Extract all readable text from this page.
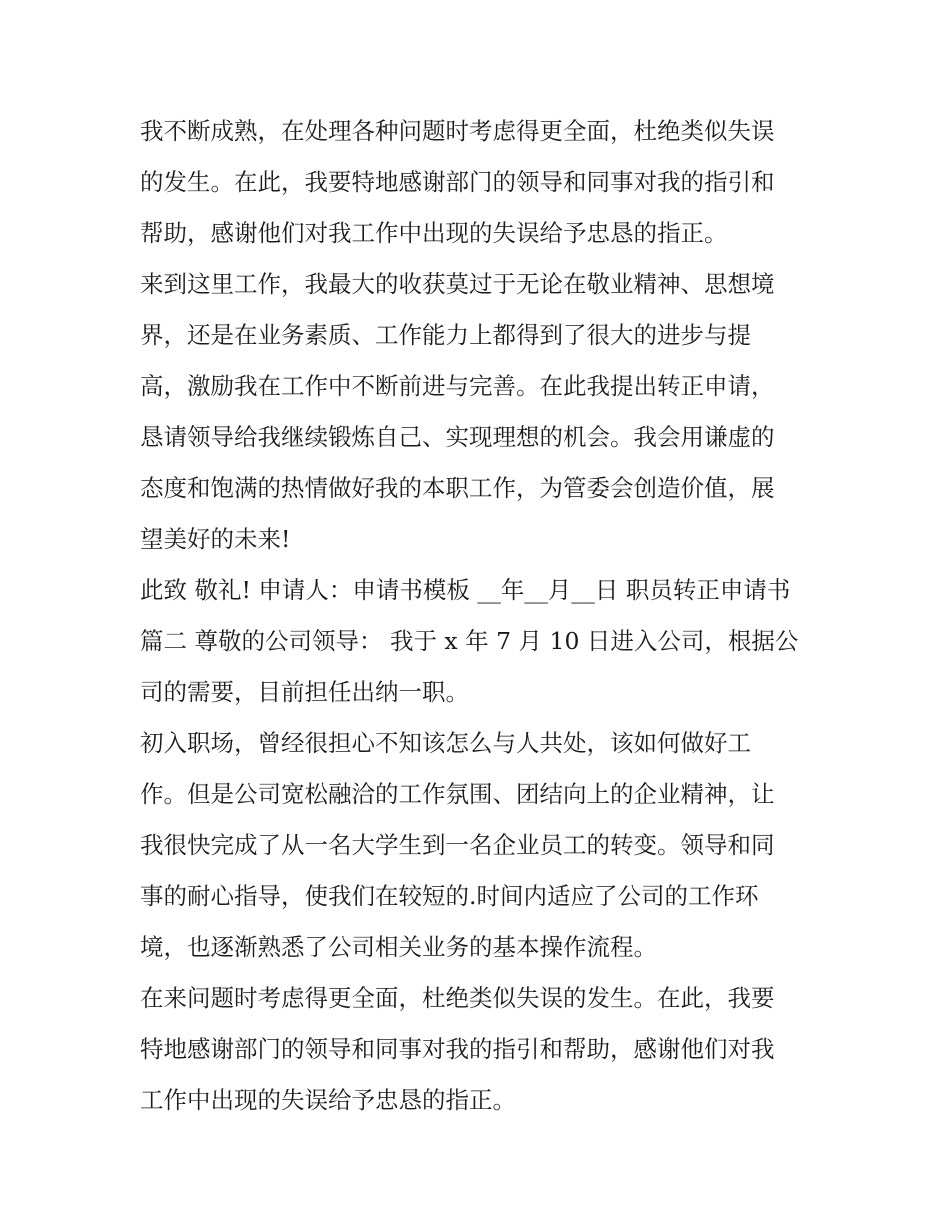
我不断成熟，在处理各种问题时考虑得更全面，杜绝类似失误
的发生。在此，我要特地感谢部门的领导和同事对我的指引和
帮助，感谢他们对我工作中出现的失误给予忠恳的指正。
来到这里工作，我最大的收获莫过于无论在敬业精神、思想境
界，还是在业务素质、工作能力上都得到了很大的进步与提
高，激励我在工作中不断前进与完善。在此我提出转正申请，
恳请领导给我继续锻炼自己、实现理想的机会。我会用谦虚的
态度和饱满的热情做好我的本职工作，为管委会创造价值，展
望美好的未来!
此致 敬礼! 申请人：申请书模板 __年__月__日 职员转正申请书
篇二 尊敬的公司领导： 我于 x 年 7 月 10 日进入公司，根据公
司的需要，目前担任出纳一职。
初入职场，曾经很担心不知该怎么与人共处，该如何做好工
作。但是公司宽松融洽的工作氛围、团结向上的企业精神，让
我很快完成了从一名大学生到一名企业员工的转变。领导和同
事的耐心指导，使我们在较短的.时间内适应了公司的工作环
境，也逐渐熟悉了公司相关业务的基本操作流程。
在来问题时考虑得更全面，杜绝类似失误的发生。在此，我要
特地感谢部门的领导和同事对我的指引和帮助，感谢他们对我
工作中出现的失误给予忠恳的指正。
